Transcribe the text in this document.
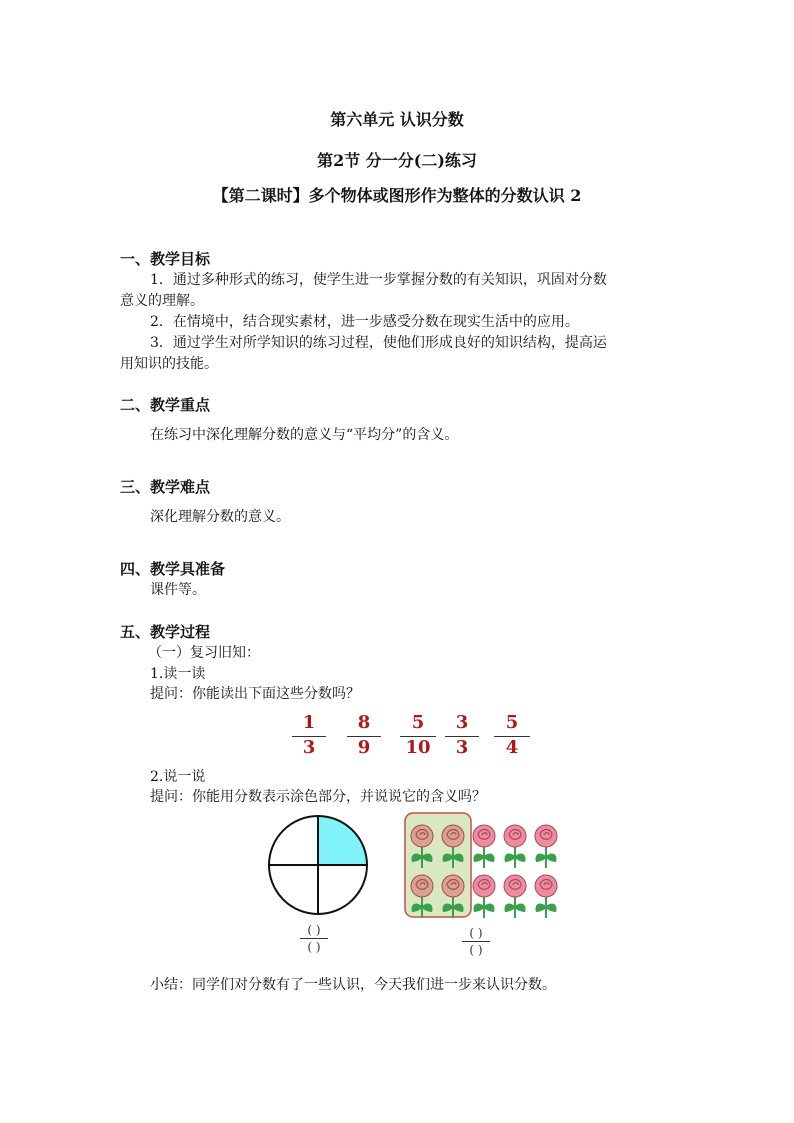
第六单元 认识分数
第2节 分一分(二)练习
【第二课时】多个物体或图形作为整体的分数认识 2
一、教学目标
1．通过多种形式的练习，使学生进一步掌握分数的有关知识，巩固对分数
意义的理解。
2．在情境中，结合现实素材，进一步感受分数在现实生活中的应用。
3．通过学生对所学知识的练习过程，使他们形成良好的知识结构，提高运
用知识的技能。
二、教学重点
在练习中深化理解分数的意义与“平均分”的含义。
三、教学难点
深化理解分数的意义。
四、教学具准备
课件等。
五、教学过程
（一）复习旧知：
1.读一读
提问：你能读出下面这些分数吗？
1
3
8
9
5
10
3
3
5
4
2.说一说
提问：你能用分数表示涂色部分，并说说它的含义吗？
( )
( )
( )
( )
小结：同学们对分数有了一些认识，今天我们进一步来认识分数。
